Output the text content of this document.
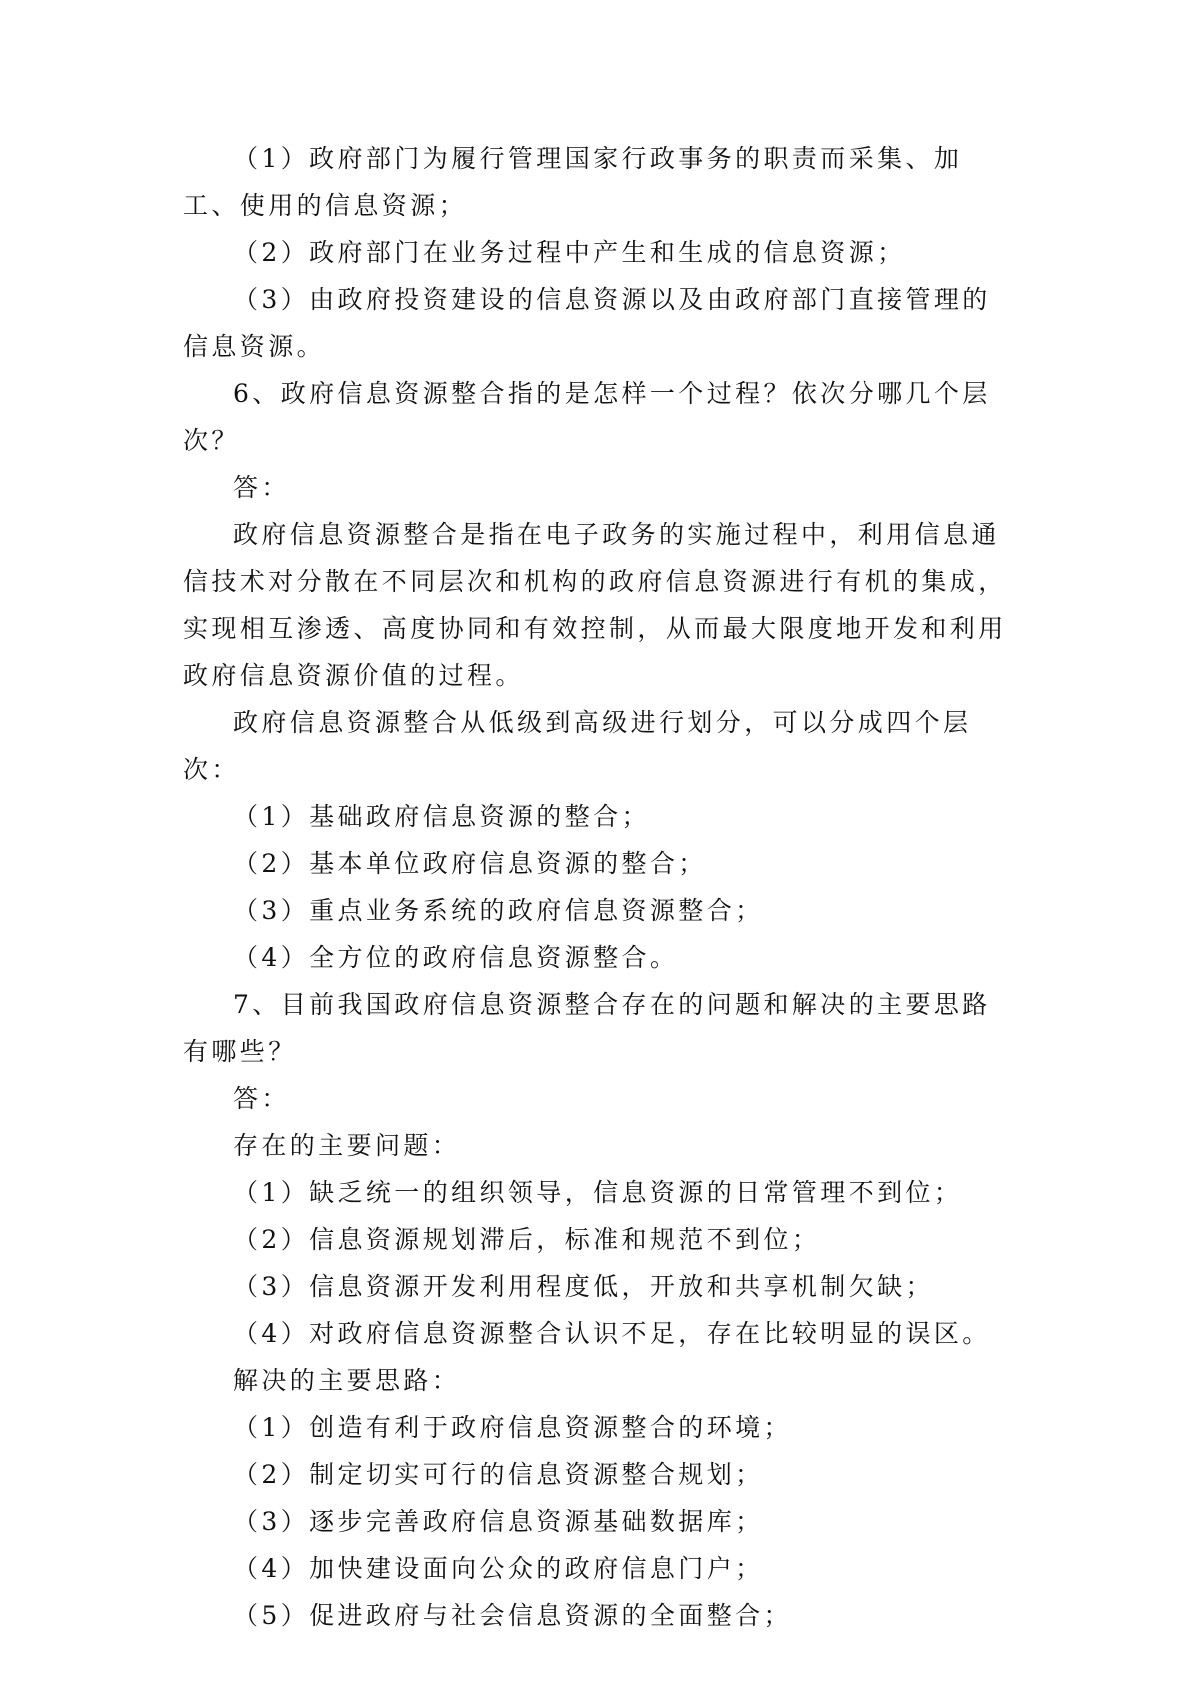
（1）政府部门为履行管理国家行政事务的职责而采集、加工、使用的信息资源；

（2）政府部门在业务过程中产生和生成的信息资源；

（3）由政府投资建设的信息资源以及由政府部门直接管理的信息资源。

6、政府信息资源整合指的是怎样一个过程？依次分哪几个层次？

答：

政府信息资源整合是指在电子政务的实施过程中，利用信息通信技术对分散在不同层次和机构的政府信息资源进行有机的集成，实现相互渗透、高度协同和有效控制，从而最大限度地开发和利用政府信息资源价值的过程。

政府信息资源整合从低级到高级进行划分，可以分成四个层次：

（1）基础政府信息资源的整合；

（2）基本单位政府信息资源的整合；

（3）重点业务系统的政府信息资源整合；

（4）全方位的政府信息资源整合。

7、目前我国政府信息资源整合存在的问题和解决的主要思路有哪些？

答：

存在的主要问题：

（1）缺乏统一的组织领导，信息资源的日常管理不到位；

（2）信息资源规划滞后，标准和规范不到位；

（3）信息资源开发利用程度低，开放和共享机制欠缺；

（4）对政府信息资源整合认识不足，存在比较明显的误区。

解决的主要思路：

（1）创造有利于政府信息资源整合的环境；

（2）制定切实可行的信息资源整合规划；

（3）逐步完善政府信息资源基础数据库；

（4）加快建设面向公众的政府信息门户；

（5）促进政府与社会信息资源的全面整合；
